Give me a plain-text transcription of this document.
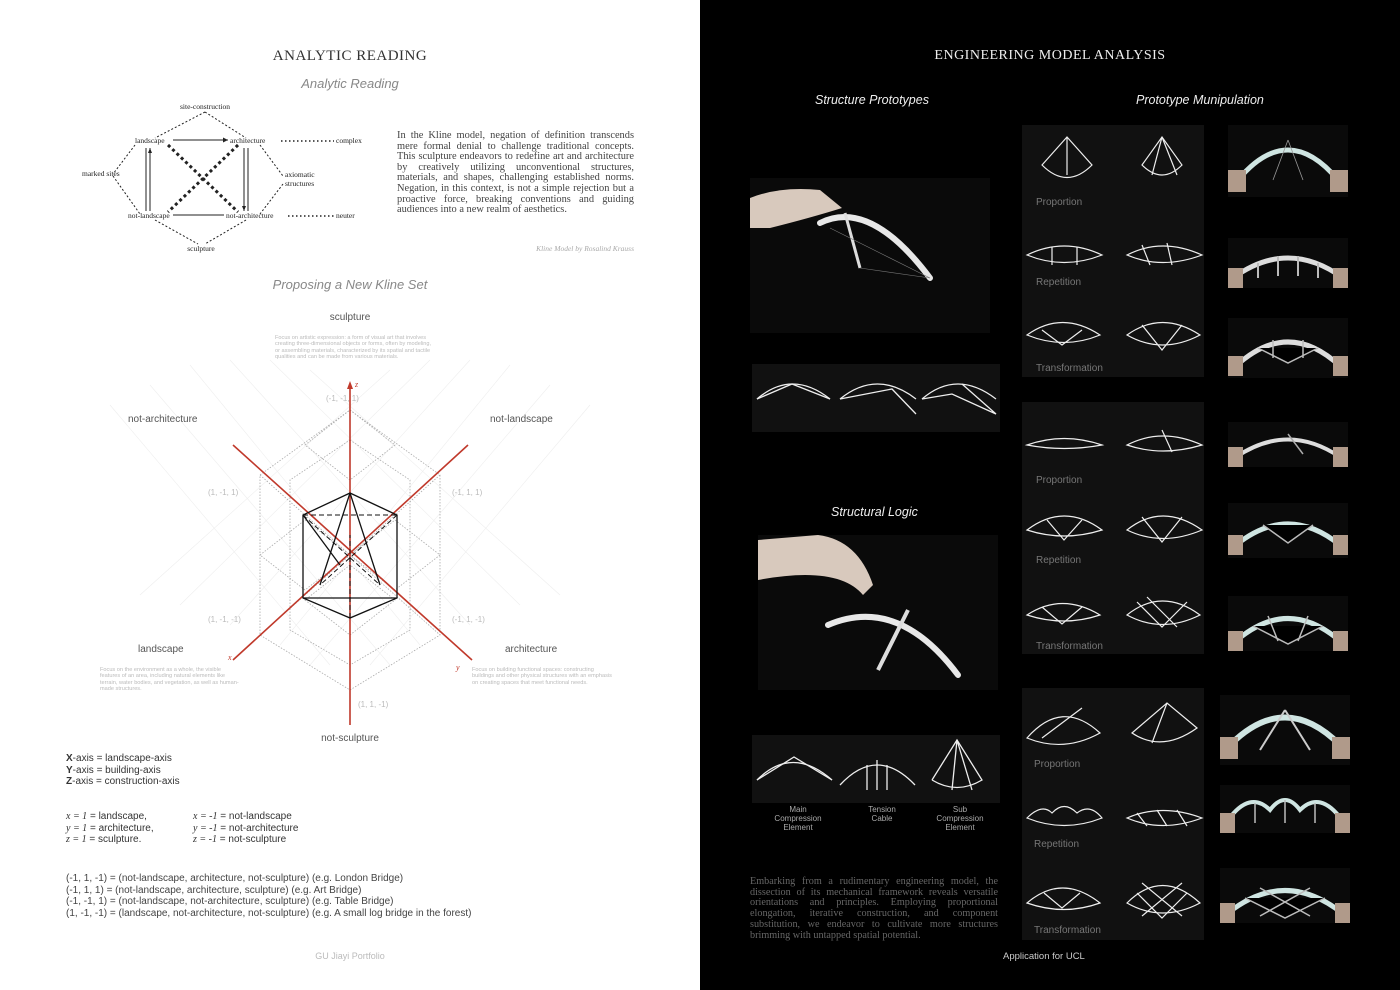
ANALYTIC READING
Analytic Reading
site-construction
landscape	architecture	complex
marked sites	axiomatic
structures
not-landscape	not-architecture	neuter
sculpture
In the Kline model, negation of definition transcends mere formal denial to challenge traditional concepts. This sculpture endeavors to redefine art and architecture by creatively utilizing unconventional structures, materials, and shapes, challenging established norms. Negation, in this context, is not a simple rejection but a proactive force, breaking conventions and guiding audiences into a new realm of aesthetics.
Kline Model by Rosalind Krauss
Proposing a New Kline Set
z
x
y
(-1, -1, 1)
(1, -1, 1)	(-1, 1, 1)
(1, -1, -1)	(-1, 1, -1)
(1, 1, -1)
sculpture
not-architecture	not-landscape
landscape	architecture
not-sculpture
Focus on artistic expression: a form of visual art that involves creating three-dimensional objects or forms, often by modeling, or assembling materials, characterized by its spatial and tactile qualities and can be made from various materials.
Focus on the environment as a whole, the visible features of an area, including natural elements like terrain, water bodies, and vegetation, as well as human-made structures.
Focus on building functional spaces: constructing buildings and other physical structures with an emphasis on creating spaces that meet functional needs.
X-axis = landscape-axis
Y-axis = building-axis
Z-axis = construction-axis
x = 1 = landscape,
y = 1 = architecture,
z = 1 = sculpture.
x = -1 = not-landscape
y = -1 = not-architecture
z = -1 = not-sculpture
(-1, 1, -1) = (not-landscape, architecture, not-sculpture) (e.g. London Bridge)
(-1, 1, 1) = (not-landscape, architecture, sculpture) (e.g. Art Bridge)
(-1, -1, 1) = (not-landscape, not-architecture, sculpture) (e.g. Table Bridge)
(1, -1, -1) = (landscape, not-architecture, not-sculpture) (e.g. A small log bridge in the forest)
GU Jiayi Portfolio
ENGINEERING MODEL ANALYSIS
Structure Prototypes	Prototype Munipulation
Structural Logic
Main
Compression
Element
Tension
Cable
Sub
Compression
Element
Embarking from a rudimentary engineering model, the dissection of its mechanical framework reveals versatile orientations and principles. Employing proportional elongation, iterative construction, and component substitution, we endeavor to cultivate more structures brimming with untapped spatial potential.
Proportion
Repetition
Transformation
Proportion
Repetition
Transformation
Proportion
Repetition
Transformation
Application for UCL
